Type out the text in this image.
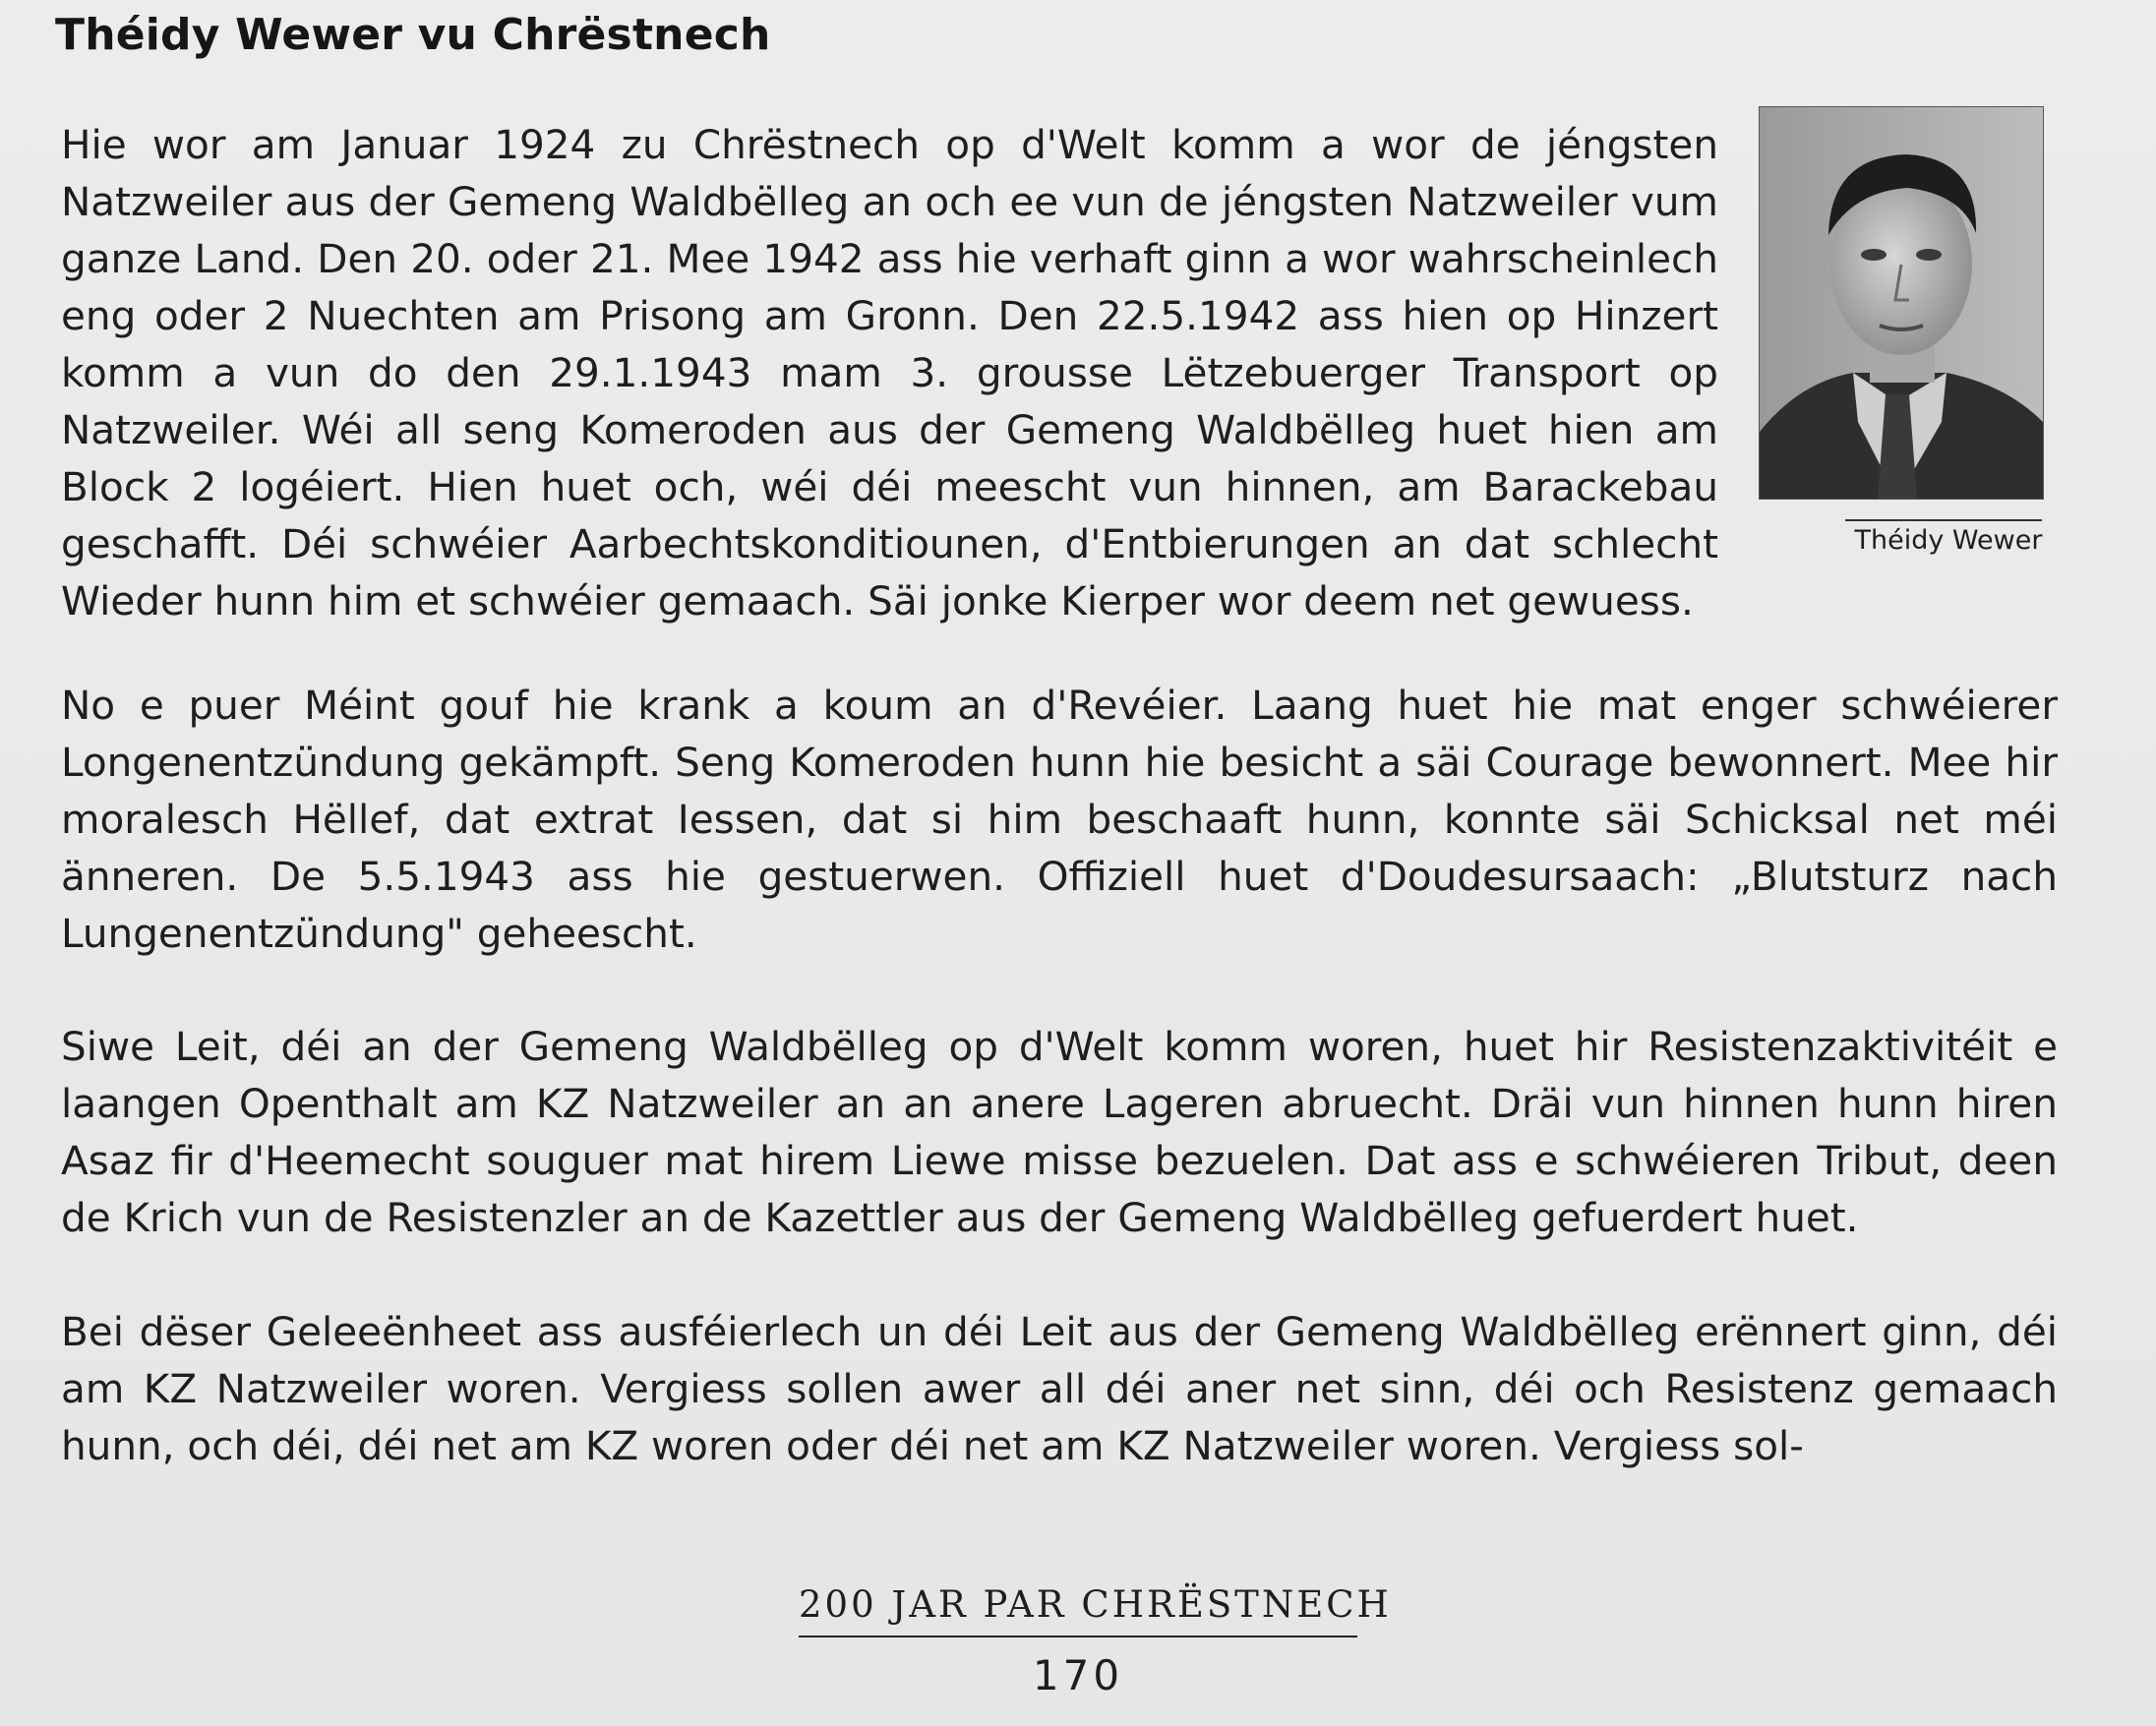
Théidy Wewer vu Chrëstnech

Hie wor am Januar 1924 zu Chrëstnech op d'Welt komm a wor de jéngsten Natzweiler aus der Gemeng Waldbëlleg an och ee vun de jéngsten Natzweiler vum ganze Land. Den 20. oder 21. Mee 1942 ass hie verhaft ginn a wor wahrscheinlech eng oder 2 Nuechten am Prisong am Gronn. Den 22.5.1942 ass hien op Hinzert komm a vun do den 29.1.1943 mam 3. grousse Lëtzebuerger Transport op Natzweiler. Wéi all seng Komeroden aus der Gemeng Waldbëlleg huet hien am Block 2 logéiert. Hien huet och, wéi déi meescht vun hinnen, am Barackebau geschafft. Déi schwéier Aarbechtskonditiounen, d'Entbierungen an dat schlecht Wieder hunn him et schwéier gemaach. Säi jonke Kierper wor deem net gewuess.

Théidy Wewer

No e puer Méint gouf hie krank a koum an d'Revéier. Laang huet hie mat enger schwéierer Longenentzündung gekämpft. Seng Komeroden hunn hie besicht a säi Courage bewonnert. Mee hir moralesch Hëllef, dat extrat Iessen, dat si him beschaaft hunn, konnte säi Schicksal net méi änneren. De 5.5.1943 ass hie gestuerwen. Offiziell huet d'Doudesursaach: „Blutsturz nach Lungenentzündung" geheescht.

Siwe Leit, déi an der Gemeng Waldbëlleg op d'Welt komm woren, huet hir Resistenzaktivitéit e laangen Openthalt am KZ Natzweiler an an anere Lageren abruecht. Dräi vun hinnen hunn hiren Asaz fir d'Heemecht souguer mat hirem Liewe misse bezuelen. Dat ass e schwéieren Tribut, deen de Krich vun de Resistenzler an de Kazettler aus der Gemeng Waldbëlleg gefuerdert huet.

Bei dëser Geleeënheet ass ausféierlech un déi Leit aus der Gemeng Waldbëlleg erënnert ginn, déi am KZ Natzweiler woren. Vergiess sollen awer all déi aner net sinn, déi och Resistenz gemaach hunn, och déi, déi net am KZ woren oder déi net am KZ Natzweiler woren. Vergiess sol-

200 JAR PAR CHRËSTNECH
170
